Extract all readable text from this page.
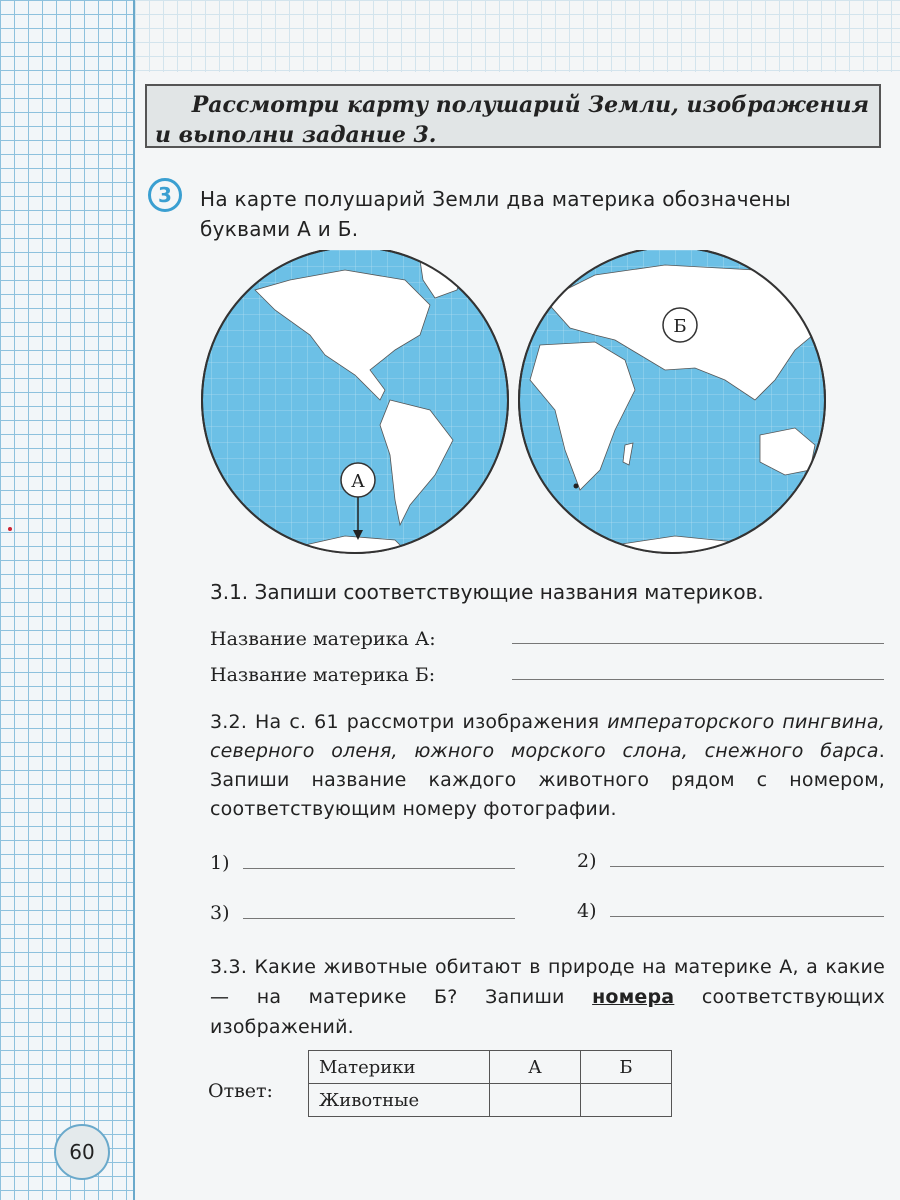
Рассмотри карту полушарий Земли, изображения
и выполни задание 3.
3	На карте полушарий Земли два материка обозначены буквами А и Б.
А
Б
3.1. Запиши соответствующие названия материков.
Название материка А:
Название материка Б:
3.2. На с. 61 рассмотри изображения императорского пингвина, северного оленя, южного морского слона, снежного барса. Запиши название каждого животного рядом с номером, соответствующим номеру фотографии.
1)	2)
3)	4)
3.3. Какие животные обитают в природе на материке А, а какие — на материке Б? Запиши номера соответствующих изображений.
Ответ:
Материки	А	Б
Животные		
60
